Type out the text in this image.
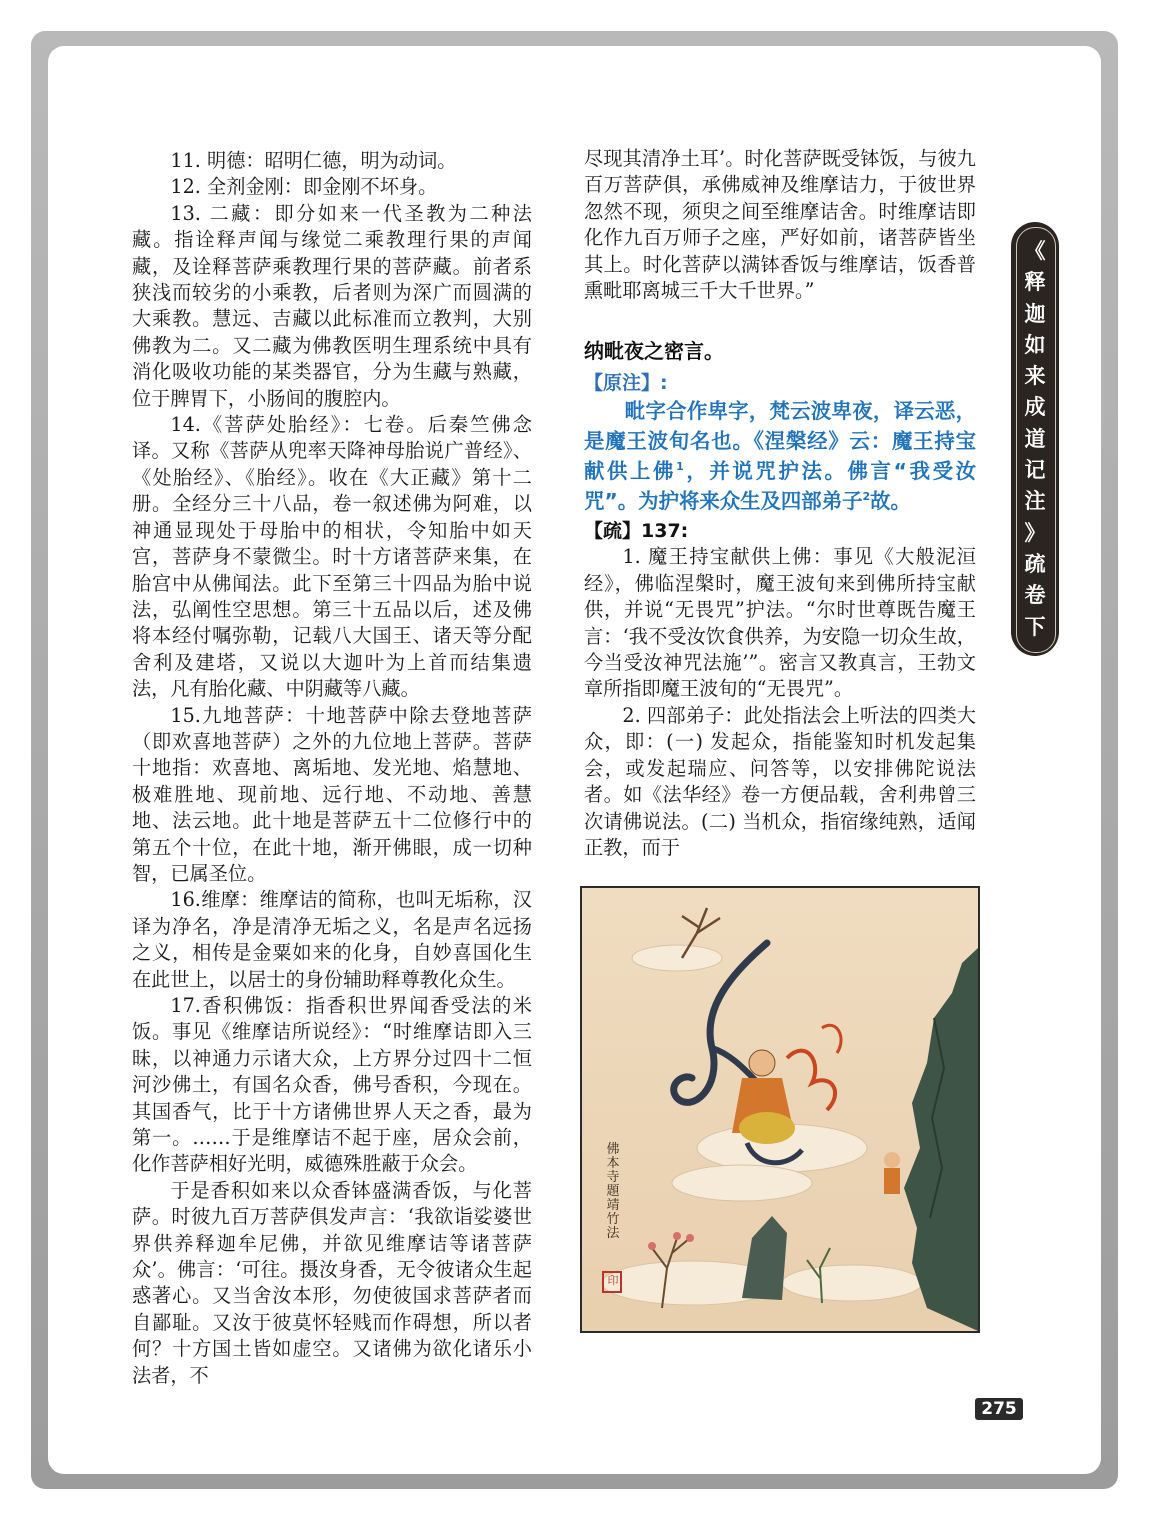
11. 明德：昭明仁德，明为动词。

12. 全剂金刚：即金刚不坏身。

13. 二藏：即分如来一代圣教为二种法藏。指诠释声闻与缘觉二乘教理行果的声闻藏，及诠释菩萨乘教理行果的菩萨藏。前者系狭浅而较劣的小乘教，后者则为深广而圆满的大乘教。慧远、吉藏以此标准而立教判，大别佛教为二。又二藏为佛教医明生理系统中具有消化吸收功能的某类器官，分为生藏与熟藏，位于脾胃下，小肠间的腹腔内。

14.《菩萨处胎经》：七卷。后秦竺佛念译。又称《菩萨从兜率天降神母胎说广普经》、《处胎经》、《胎经》。收在《大正藏》第十二册。全经分三十八品，卷一叙述佛为阿难，以神通显现处于母胎中的相状，令知胎中如天宫，菩萨身不蒙微尘。时十方诸菩萨来集，在胎宫中从佛闻法。此下至第三十四品为胎中说法，弘阐性空思想。第三十五品以后，述及佛将本经付嘱弥勒，记载八大国王、诸天等分配舍利及建塔，又说以大迦叶为上首而结集遗法，凡有胎化藏、中阴藏等八藏。

15.九地菩萨：十地菩萨中除去登地菩萨（即欢喜地菩萨）之外的九位地上菩萨。菩萨十地指：欢喜地、离垢地、发光地、焰慧地、极难胜地、现前地、远行地、不动地、善慧地、法云地。此十地是菩萨五十二位修行中的第五个十位，在此十地，渐开佛眼，成一切种智，已属圣位。

16.维摩：维摩诘的简称，也叫无垢称，汉译为净名，净是清净无垢之义，名是声名远扬之义，相传是金粟如来的化身，自妙喜国化生在此世上，以居士的身份辅助释尊教化众生。

17.香积佛饭：指香积世界闻香受法的米饭。事见《维摩诘所说经》：“时维摩诘即入三昧，以神通力示诸大众，上方界分过四十二恒河沙佛土，有国名众香，佛号香积，今现在。其国香气，比于十方诸佛世界人天之香，最为第一。……于是维摩诘不起于座，居众会前，化作菩萨相好光明，威德殊胜蔽于众会。

于是香积如来以众香钵盛满香饭，与化菩萨。时彼九百万菩萨俱发声言：‘我欲诣娑婆世界供养释迦牟尼佛，并欲见维摩诘等诸菩萨众’。佛言：‘可往。摄汝身香，无令彼诸众生起惑著心。又当舍汝本形，勿使彼国求菩萨者而自鄙耻。又汝于彼莫怀轻贱而作碍想，所以者何？十方国土皆如虚空。又诸佛为欲化诸乐小法者，不

尽现其清净土耳’。时化菩萨既受钵饭，与彼九百万菩萨俱，承佛威神及维摩诘力，于彼世界忽然不现，须臾之间至维摩诘舍。时维摩诘即化作九百万师子之座，严好如前，诸菩萨皆坐其上。时化菩萨以满钵香饭与维摩诘，饭香普熏毗耶离城三千大千世界。”

纳毗夜之密言。
【原注】:

毗字合作卑字，梵云波卑夜，译云恶，是魔王波旬名也。《涅槃经》云：魔王持宝献供上佛$^1$，并说咒护法。佛言“我受汝咒”。为护将来众生及四部弟子$^2$故。

【疏】137:

1. 魔王持宝献供上佛：事见《大般泥洹经》，佛临涅槃时，魔王波旬来到佛所持宝献供，并说“无畏咒”护法。“尔时世尊既告魔王言：‘我不受汝饮食供养，为安隐一切众生故，今当受汝神咒法施’”。密言又教真言，王勃文章所指即魔王波旬的“无畏咒”。

2. 四部弟子：此处指法会上听法的四类大众，即：(一) 发起众，指能鉴知时机发起集会，或发起瑞应、问答等，以安排佛陀说法者。如《法华经》卷一方便品载，舍利弗曾三次请佛说法。(二) 当机众，指宿缘纯熟，适闻正教，而于

《
释
迦
如
来
成
道
记
注
》
疏
卷
下
佛本寺
題靖
竹
法
印
275
